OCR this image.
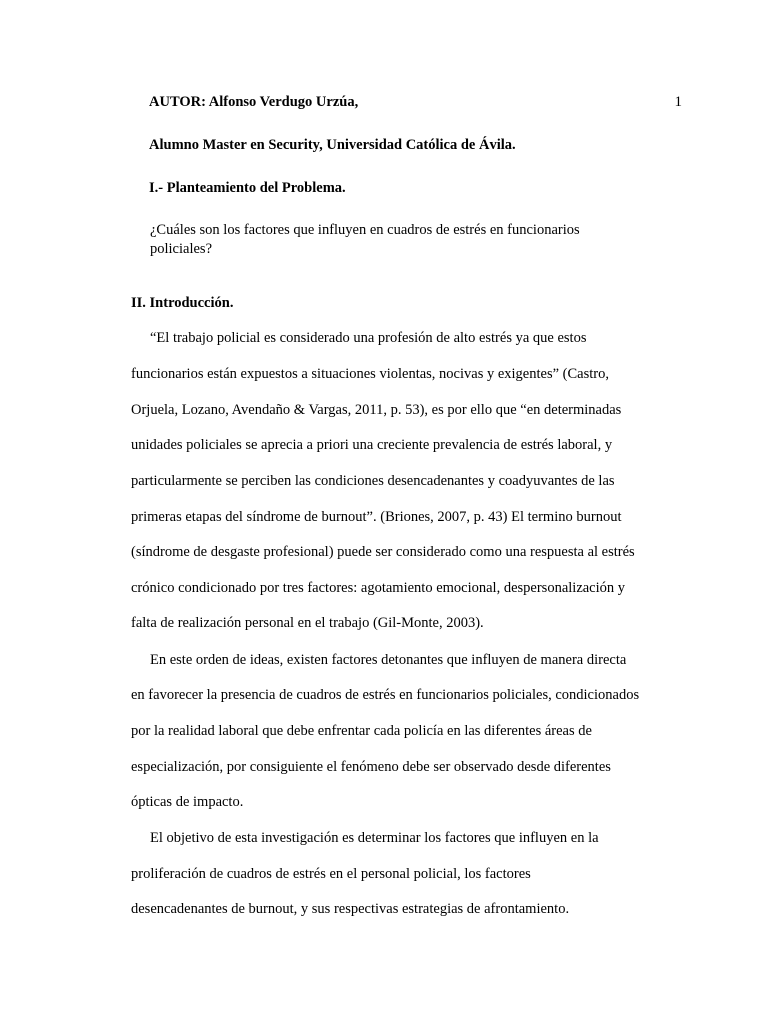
1
AUTOR: Alfonso Verdugo Urzúa,
Alumno Master en Security, Universidad Católica de Ávila.
I.- Planteamiento del Problema.
¿Cuáles son los factores que influyen en cuadros de estrés en funcionarios policiales?
II. Introducción.
“El trabajo policial es considerado una profesión de alto estrés ya que estos
funcionarios están expuestos a situaciones violentas, nocivas y exigentes” (Castro,
Orjuela, Lozano, Avendaño & Vargas, 2011, p. 53), es por ello que “en determinadas
unidades policiales se aprecia a priori una creciente prevalencia de estrés laboral, y
particularmente se perciben las condiciones desencadenantes y coadyuvantes de las
primeras etapas del síndrome de burnout”. (Briones, 2007, p. 43) El termino burnout
(síndrome de desgaste profesional) puede ser considerado como una respuesta al estrés
crónico condicionado por tres factores: agotamiento emocional, despersonalización y
falta de realización personal en el trabajo (Gil-Monte, 2003).
En este orden de ideas, existen factores detonantes que influyen de manera directa
en favorecer la presencia de cuadros de estrés en funcionarios policiales, condicionados
por la realidad laboral que debe enfrentar cada policía en las diferentes áreas de
especialización, por consiguiente el fenómeno debe ser observado desde diferentes
ópticas de impacto.
El objetivo de esta investigación es determinar los factores que influyen en la
proliferación de cuadros de estrés en el personal policial, los factores
desencadenantes de burnout, y sus respectivas estrategias de afrontamiento.
